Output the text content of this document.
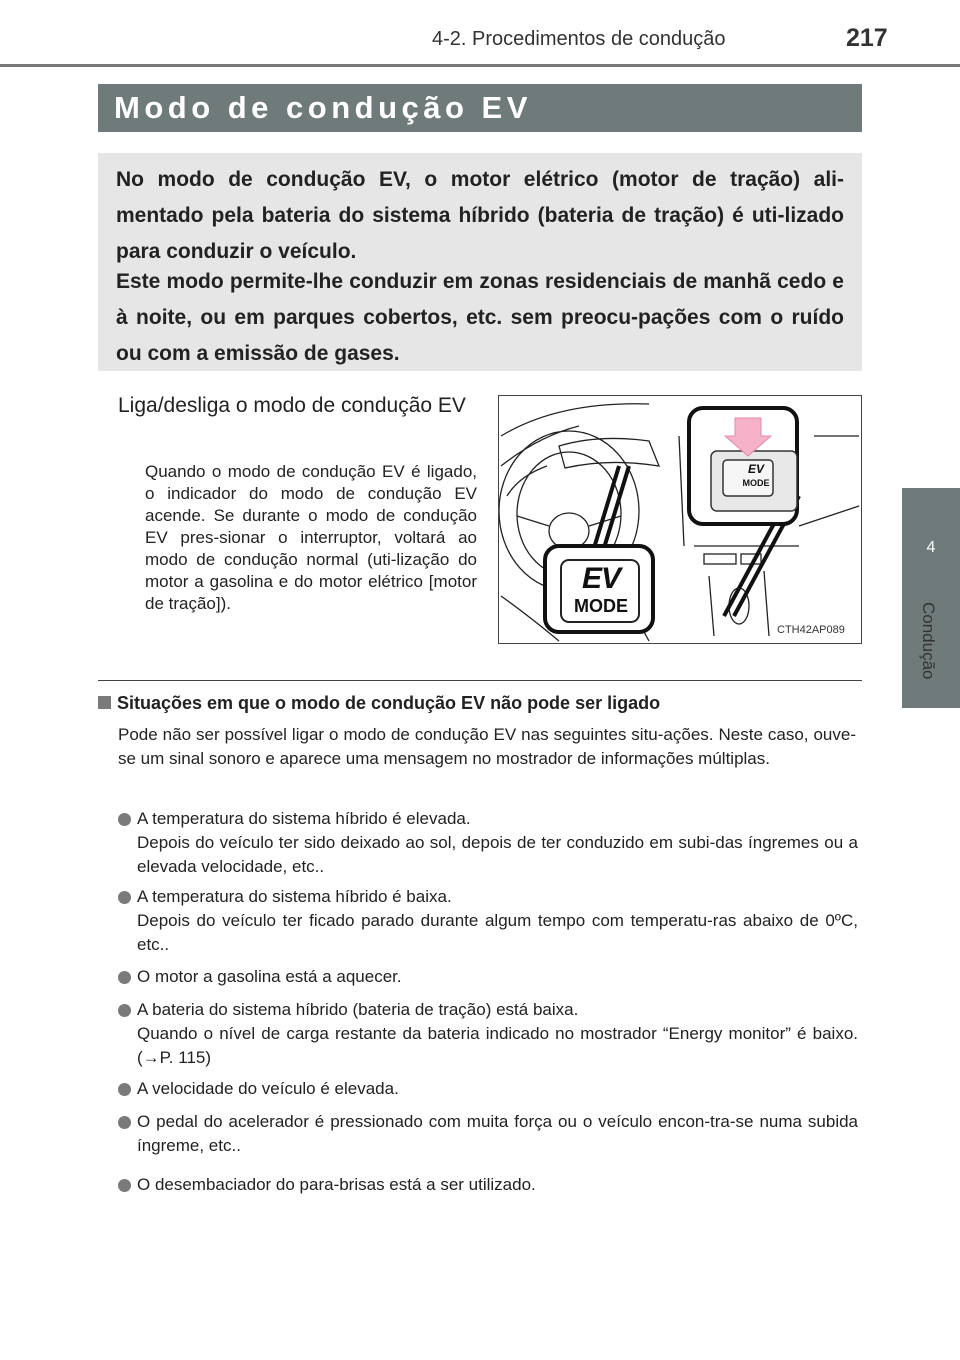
4-2. Procedimentos de condução	217
4
Condução
Modo de condução EV

No modo de condução EV, o motor elétrico (motor de tração) ali-mentado pela bateria do sistema híbrido (bateria de tração) é uti-lizado para conduzir o veículo.

Este modo permite-lhe conduzir em zonas residenciais de manhã cedo e à noite, ou em parques cobertos, etc. sem preocu-pações com o ruído ou com a emissão de gases.

Liga/desliga o modo de condução EV
Quando o modo de condução EV é ligado, o indicador do modo de condução EV acende. Se durante o modo de condução EV pres-sionar o interruptor, voltará ao modo de condução normal (uti-lização do motor a gasolina e do motor elétrico [motor de tração]).
EV
MODE
EV
MODE
CTH42AP089
Situações em que o modo de condução EV não pode ser ligado
Pode não ser possível ligar o modo de condução EV nas seguintes situ-ações. Neste caso, ouve-se um sinal sonoro e aparece uma mensagem no mostrador de informações múltiplas.
A temperatura do sistema híbrido é elevada.
Depois do veículo ter sido deixado ao sol, depois de ter conduzido em subi-das íngremes ou a elevada velocidade, etc..
A temperatura do sistema híbrido é baixa.
Depois do veículo ter ficado parado durante algum tempo com temperatu-ras abaixo de 0ºC, etc..
O motor a gasolina está a aquecer.
A bateria do sistema híbrido (bateria de tração) está baixa.
Quando o nível de carga restante da bateria indicado no mostrador “Energy monitor” é baixo. (→P. 115)
A velocidade do veículo é elevada.
O pedal do acelerador é pressionado com muita força ou o veículo encon-tra-se numa subida íngreme, etc..
O desembaciador do para-brisas está a ser utilizado.
